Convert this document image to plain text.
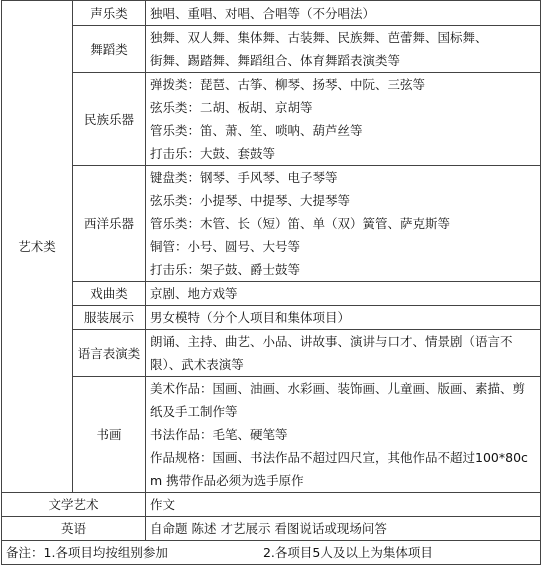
艺术类	声乐类	独唱、重唱、对唱、合唱等（不分唱法）
	舞蹈类	独舞、双人舞、集体舞、古装舞、民族舞、芭蕾舞、国标舞、
街舞、踢踏舞、舞蹈组合、体育舞蹈表演类等

	民族乐器	弹拨类：琵琶、古筝、柳琴、扬琴、中阮、三弦等
弦乐类：二胡、板胡、京胡等
管乐类：笛、萧、笙、唢呐、葫芦丝等
打击乐：大鼓、套鼓等

	西洋乐器	键盘类：钢琴、手风琴、电子琴等
弦乐类：小提琴、中提琴、大提琴等
管乐类：木管、长（短）笛、单（双）簧管、萨克斯等
铜管：小号、圆号、大号等
打击乐：架子鼓、爵士鼓等

	戏曲类	京剧、地方戏等
	服装展示	男女模特（分个人项目和集体项目）
	语言表演类	朗诵、主持、曲艺、小品、讲故事、演讲与口才、情景剧（语言不限）、武术表演等
	书画	美术作品：国画、油画、水彩画、装饰画、儿童画、版画、素描、剪纸及手工制作等
书法作品：毛笔、硬笔等
作品规格：国画、书法作品不超过四尺宣，其他作品不超过100*80cm 携带作品必须为选手原作
文学艺术	作文
英语	自命题 陈述 才艺展示 看图说话或现场问答
备注：1.各项目均按组别参加 2.各项目5人及以上为集体项目	
